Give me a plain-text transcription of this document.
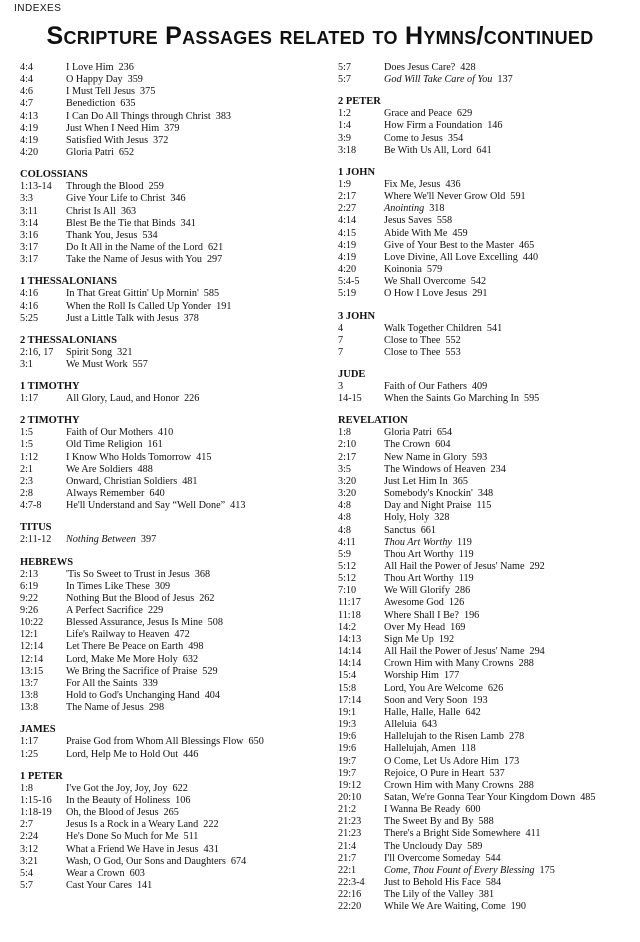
INDEXES
Scripture Passages related to Hymns/continued
4:4	I Love Him 236
4:4	O Happy Day 359
4:6	I Must Tell Jesus 375
4:7	Benediction 635
4:13	I Can Do All Things through Christ 383
4:19	Just When I Need Him 379
4:19	Satisfied With Jesus 372
4:20	Gloria Patri 652
COLOSSIANS
1:13-14	Through the Blood 259
3:3	Give Your Life to Christ 346
3:11	Christ Is All 363
3:14	Blest Be the Tie that Binds 341
3:16	Thank You, Jesus 534
3:17	Do It All in the Name of the Lord 621
3:17	Take the Name of Jesus with You 297
1 THESSALONIANS
4:16	In That Great Gittin' Up Mornin' 585
4:16	When the Roll Is Called Up Yonder 191
5:25	Just a Little Talk with Jesus 378
2 THESSALONIANS
2:16, 17	Spirit Song 321
3:1	We Must Work 557
1 TIMOTHY
1:17	All Glory, Laud, and Honor 226
2 TIMOTHY
1:5	Faith of Our Mothers 410
1:5	Old Time Religion 161
1:12	I Know Who Holds Tomorrow 415
2:1	We Are Soldiers 488
2:3	Onward, Christian Soldiers 481
2:8	Always Remember 640
4:7-8	He'll Understand and Say “Well Done” 413
TITUS
2:11-12	Nothing Between 397
HEBREWS
2:13	'Tis So Sweet to Trust in Jesus 368
6:19	In Times Like These 309
9:22	Nothing But the Blood of Jesus 262
9:26	A Perfect Sacrifice 229
10:22	Blessed Assurance, Jesus Is Mine 508
12:1	Life's Railway to Heaven 472
12:14	Let There Be Peace on Earth 498
12:14	Lord, Make Me More Holy 632
13:15	We Bring the Sacrifice of Praise 529
13:7	For All the Saints 339
13:8	Hold to God's Unchanging Hand 404
13:8	The Name of Jesus 298
JAMES
1:17	Praise God from Whom All Blessings Flow 650
1:25	Lord, Help Me to Hold Out 446
1 PETER
1:8	I've Got the Joy, Joy, Joy 622
1:15-16	In the Beauty of Holiness 106
1:18-19	Oh, the Blood of Jesus 265
2:7	Jesus Is a Rock in a Weary Land 222
2:24	He's Done So Much for Me 511
3:12	What a Friend We Have in Jesus 431
3:21	Wash, O God, Our Sons and Daughters 674
5:4	Wear a Crown 603
5:7	Cast Your Cares 141
5:7	Does Jesus Care? 428
5:7	God Will Take Care of You 137
2 PETER
1:2	Grace and Peace 629
1:4	How Firm a Foundation 146
3:9	Come to Jesus 354
3:18	Be With Us All, Lord 641
1 JOHN
1:9	Fix Me, Jesus 436
2:17	Where We'll Never Grow Old 591
2:27	Anointing 318
4:14	Jesus Saves 558
4:15	Abide With Me 459
4:19	Give of Your Best to the Master 465
4:19	Love Divine, All Love Excelling 440
4:20	Koinonia 579
5:4-5	We Shall Overcome 542
5:19	O How I Love Jesus 291
3 JOHN
4	Walk Together Children 541
7	Close to Thee 552
7	Close to Thee 553
JUDE
3	Faith of Our Fathers 409
14-15	When the Saints Go Marching In 595
REVELATION
1:8	Gloria Patri 654
2:10	The Crown 604
2:17	New Name in Glory 593
3:5	The Windows of Heaven 234
3:20	Just Let Him In 365
3:20	Somebody's Knockin' 348
4:8	Day and Night Praise 115
4:8	Holy, Holy 328
4:8	Sanctus 661
4:11	Thou Art Worthy 119
5:9	Thou Art Worthy 119
5:12	All Hail the Power of Jesus' Name 292
5:12	Thou Art Worthy 119
7:10	We Will Glorify 286
11:17	Awesome God 126
11:18	Where Shall I Be? 196
14:2	Over My Head 169
14:13	Sign Me Up 192
14:14	All Hail the Power of Jesus' Name 294
14:14	Crown Him with Many Crowns 288
15:4	Worship Him 177
15:8	Lord, You Are Welcome 626
17:14	Soon and Very Soon 193
19:1	Halle, Halle, Halle 642
19:3	Alleluia 643
19:6	Hallelujah to the Risen Lamb 278
19:6	Hallelujah, Amen 118
19:7	O Come, Let Us Adore Him 173
19:7	Rejoice, O Pure in Heart 537
19:12	Crown Him with Many Crowns 288
20:10	Satan, We're Gonna Tear Your Kingdom Down 485
21:2	I Wanna Be Ready 600
21:23	The Sweet By and By 588
21:23	There's a Bright Side Somewhere 411
21:4	The Uncloudy Day 589
21:7	I'll Overcome Someday 544
22:1	Come, Thou Fount of Every Blessing 175
22:3-4	Just to Behold His Face 584
22:16	The Lily of the Valley 381
22:20	While We Are Waiting, Come 190
